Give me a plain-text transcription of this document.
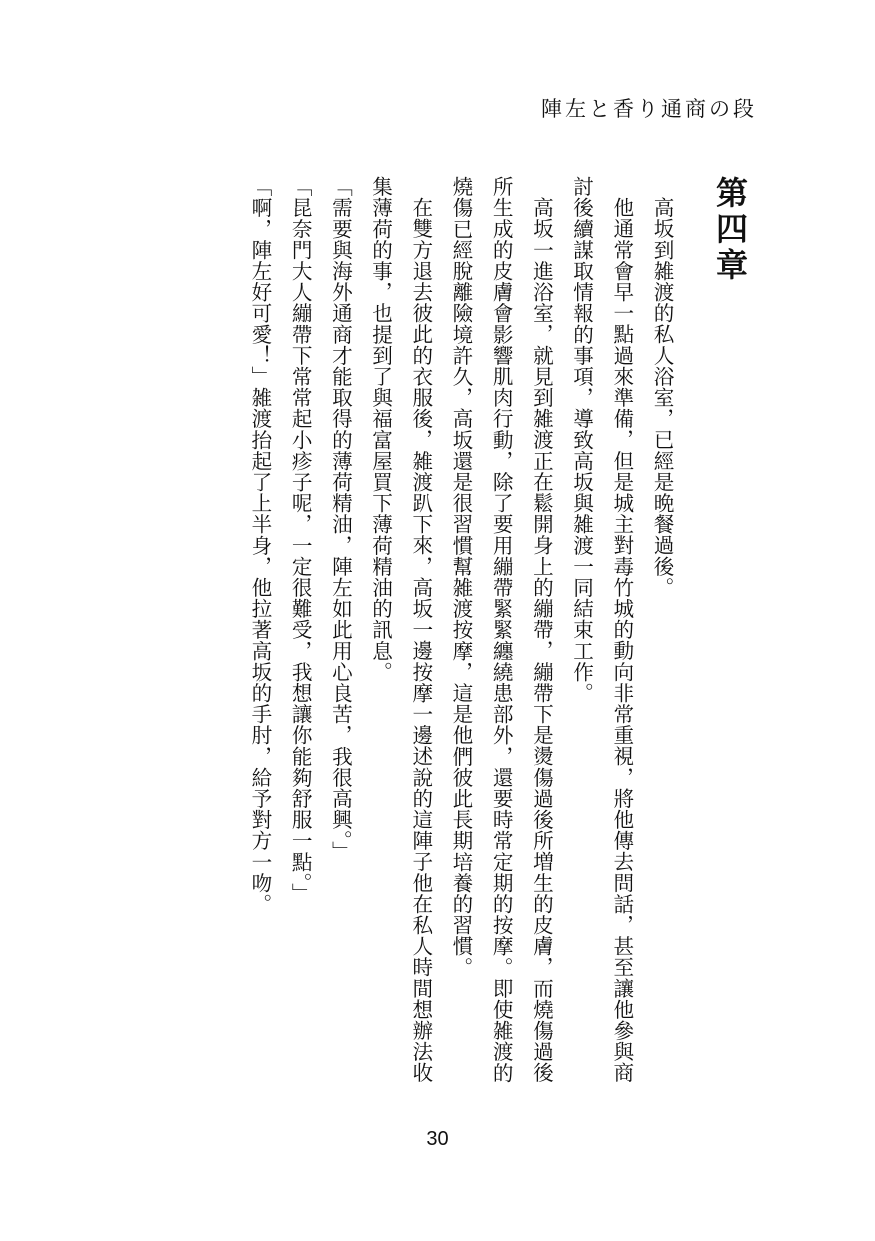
陣左と香り通商の段
第四章
高坂到雑渡的私人浴室，已經是晩餐過後。
他通常會早一點過來準備，但是城主對毒竹城的動向非常重視，將他傳去問話，甚至讓他參與商討後續謀取情報的事項，導致高坂與雑渡一同結束工作。
高坂一進浴室，就見到雑渡正在鬆開身上的繃帶，繃帶下是燙傷過後所増生的皮膚，而燒傷過後所生成的皮膚會影響肌肉行動，除了要用繃帶緊緊纏繞患部外，還要時常定期的按摩。即使雑渡的燒傷已經脫離險境許久，高坂還是很習慣幫雑渡按摩，這是他們彼此長期培養的習慣。
在雙方退去彼此的衣服後，雑渡趴下來，高坂一邊按摩一邊述說的這陣子他在私人時間想辦法收集薄荷的事，也提到了與福富屋買下薄荷精油的訊息。
「需要與海外通商才能取得的薄荷精油，陣左如此用心良苦，我很高興。」
「昆奈門大人繃帶下常常起小疹子呢，一定很難受，我想讓你能夠舒服一點。」
「啊，陣左好可愛！」雑渡抬起了上半身，他拉著高坂的手肘，給予對方一吻。
30
